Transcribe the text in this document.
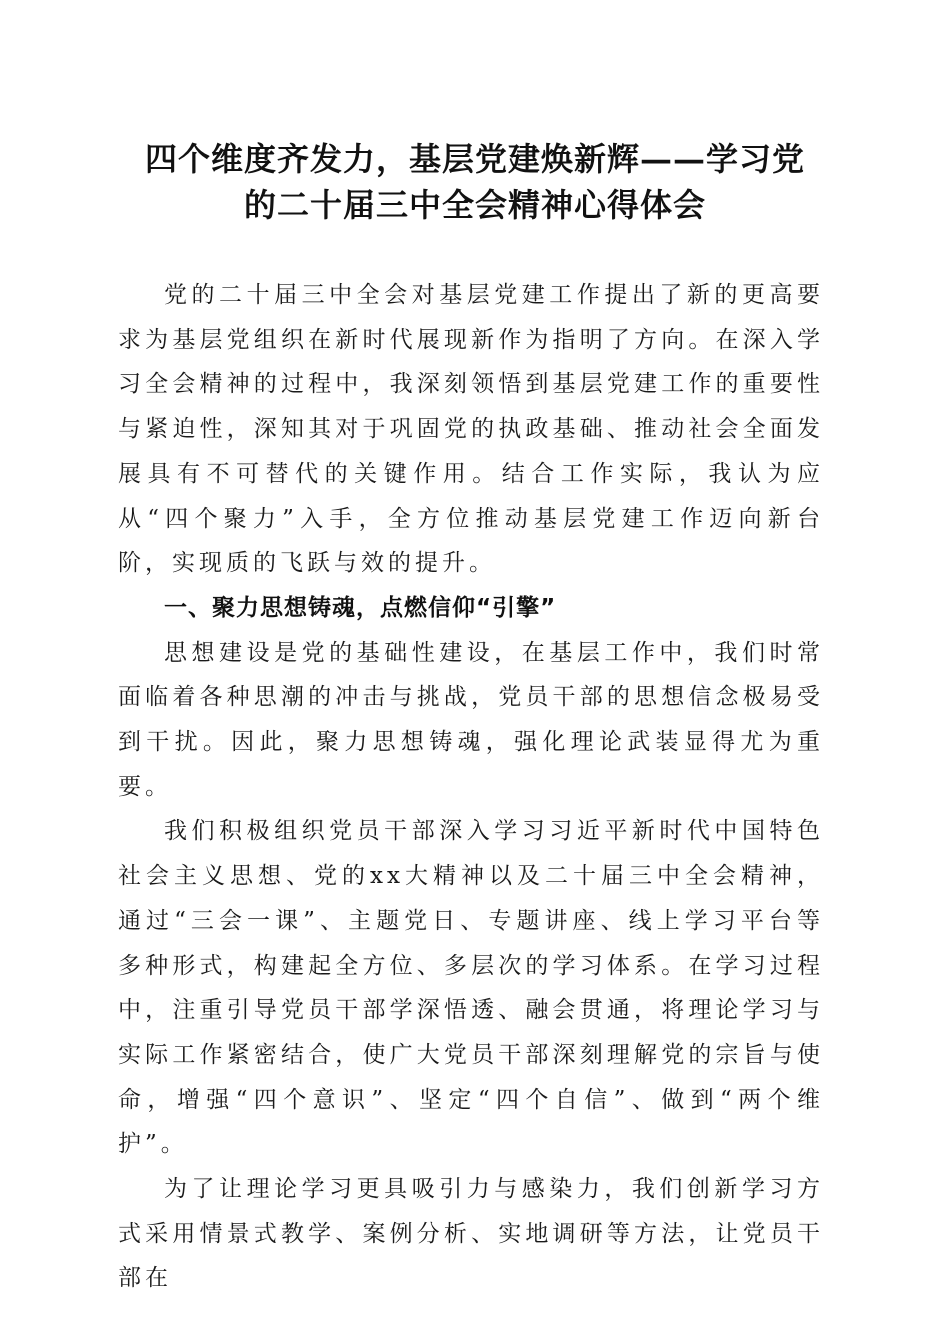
四个维度齐发力，基层党建焕新辉——学习党
的二十届三中全会精神心得体会

党的二十届三中全会对基层党建工作提出了新的更高要求为基层党组织在新时代展现新作为指明了方向。在深入学习全会精神的过程中，我深刻领悟到基层党建工作的重要性与紧迫性，深知其对于巩固党的执政基础、推动社会全面发展具有不可替代的关键作用。结合工作实际，我认为应从“四个聚力”入手，全方位推动基层党建工作迈向新台阶，实现质的飞跃与效的提升。

一、聚力思想铸魂，点燃信仰“引擎”

思想建设是党的基础性建设，在基层工作中，我们时常面临着各种思潮的冲击与挑战，党员干部的思想信念极易受到干扰。因此，聚力思想铸魂，强化理论武装显得尤为重要。

我们积极组织党员干部深入学习习近平新时代中国特色社会主义思想、党的xx大精神以及二十届三中全会精神，通过“三会一课”、主题党日、专题讲座、线上学习平台等多种形式，构建起全方位、多层次的学习体系。在学习过程中，注重引导党员干部学深悟透、融会贯通，将理论学习与实际工作紧密结合，使广大党员干部深刻理解党的宗旨与使命，增强“四个意识”、坚定“四个自信”、做到“两个维护”。

为了让理论学习更具吸引力与感染力，我们创新学习方式采用情景式教学、案例分析、实地调研等方法，让党员干部在
